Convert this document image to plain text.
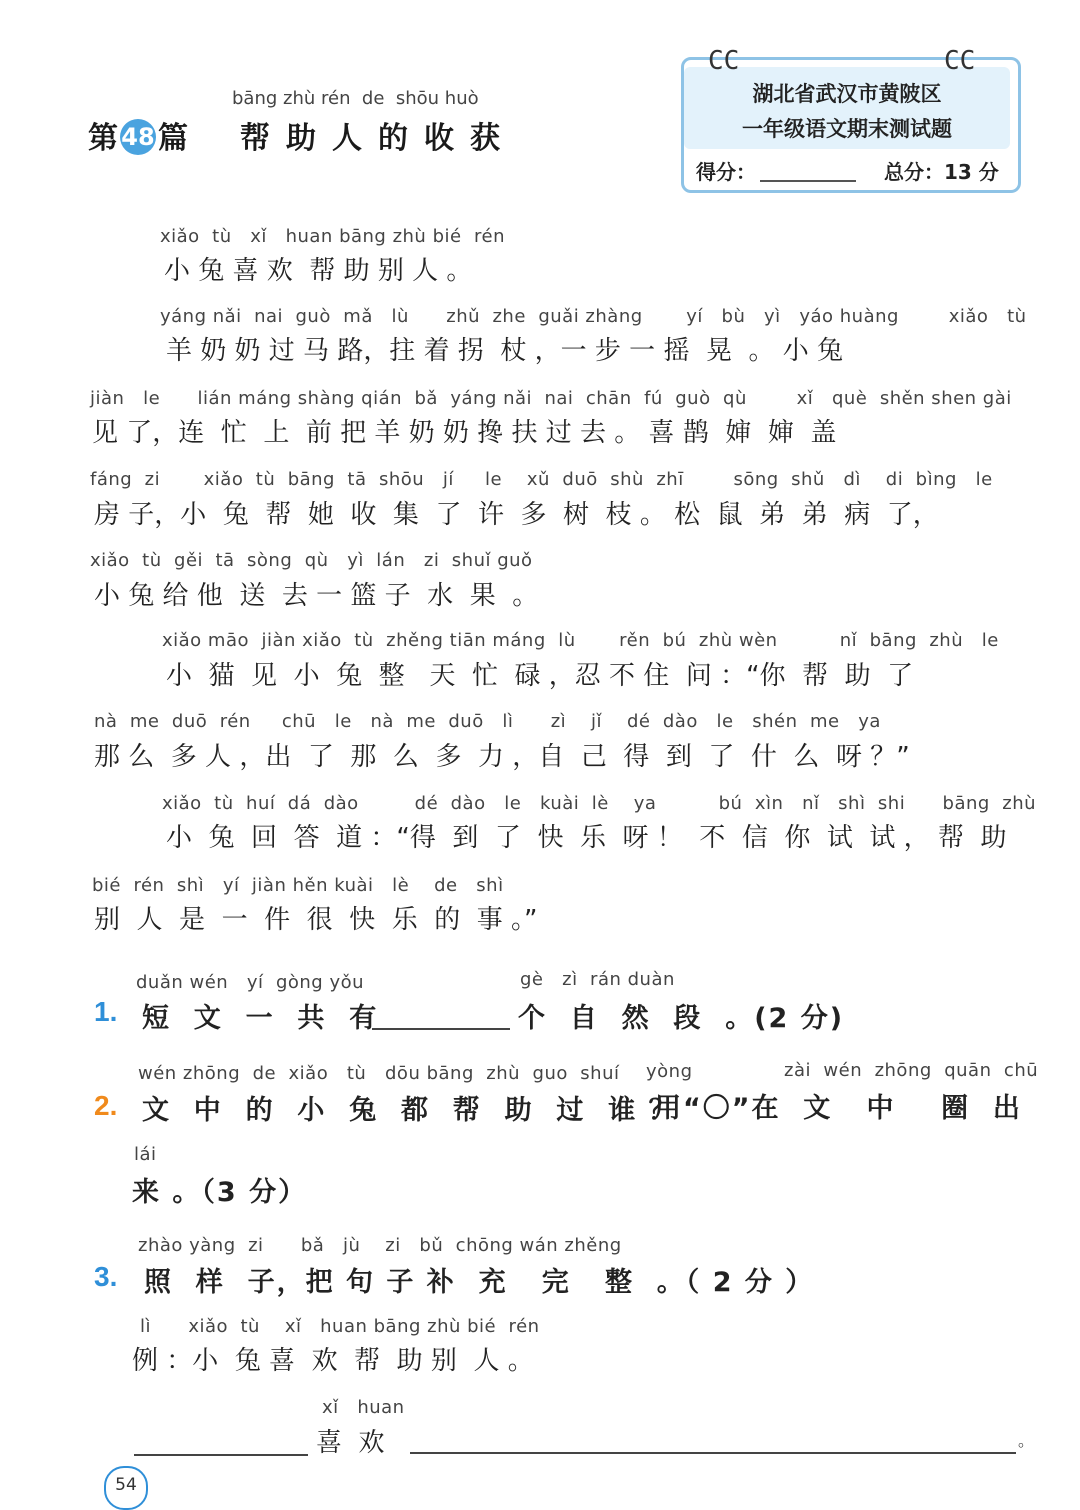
第 48 篇
bāng zhù rén  de  shōu huò
帮助人的收获
CC	CC
湖北省武汉市黄陂区
一年级语文期末测试题
得分：	总分：13 分
xiǎo  tù   xǐ   huan bāng zhù bié  rén
小 兔 喜 欢  帮 助 别 人 。
yáng nǎi  nai  guò  mǎ   lù      zhǔ  zhe  guǎi zhàng       yí   bù   yì   yáo huàng        xiǎo   tù
羊 奶 奶 过 马 路，拄 着 拐  杖 ，一 步 一 摇  晃  。 小 兔
jiàn   le      lián máng shàng qián  bǎ  yáng nǎi  nai  chān  fú  guò  qù        xǐ   què  shěn shen gài
见 了，连  忙  上  前 把 羊 奶 奶 搀 扶 过 去 。 喜 鹊  婶  婶  盖
fáng  zi       xiǎo  tù  bāng  tā  shōu   jí     le    xǔ  duō  shù  zhī        sōng  shǔ   dì    di  bìng   le
房 子，小  兔  帮  她  收  集  了  许  多  树  枝 。 松  鼠  弟  弟  病  了，
xiǎo  tù  gěi  tā  sòng  qù   yì  lán   zi  shuǐ guǒ
小 兔 给 他  送  去 一 篮 子  水  果  。
xiǎo māo  jiàn xiǎo  tù  zhěng tiān máng  lù       rěn  bú  zhù wèn          nǐ  bāng  zhù   le
小  猫  见  小  兔  整   天  忙  碌 ，忍 不 住  问 ：“你  帮  助  了
nà  me  duō  rén     chū   le   nà  me  duō   lì      zì    jǐ    dé  dào   le   shén  me   ya
那 么  多 人 ，出  了  那  么  多  力 ，自  己  得  到  了  什  么  呀 ？”
xiǎo  tù  huí  dá  dào         dé  dào   le   kuài  lè    ya          bú  xìn   nǐ   shì  shi      bāng  zhù
小  兔  回  答  道 ：“得  到  了  快  乐  呀 ！  不  信  你  试  试 ， 帮  助
bié  rén  shì   yí  jiàn hěn kuài   lè    de   shì
别  人  是  一  件  很  快  乐  的  事 。”
duǎn wén   yí  gòng yǒu	gè   zì  rán duàn
1. 短  文  一  共  有	个  自  然  段  。(2 分)
wén zhōng  de  xiǎo   tù   dōu bāng  zhù  guo  shuí yòng	zài  wén  zhōng  quān  chū
2. 文  中  的  小  兔  都  帮  助  过  谁 ？
用“〇”在  文   中    圈  出
lái
来 。（3 分）
zhào yàng  zi      bǎ   jù    zi   bǔ  chōng wán zhěng
3. 照  样  子，把 句 子 补  充   完   整  。（ 2 分 ）
lì      xiǎo  tù    xǐ   huan bāng zhù bié  rén
例 ：小  兔 喜  欢  帮  助 别  人 。
xǐ   huan
喜  欢	。
54
